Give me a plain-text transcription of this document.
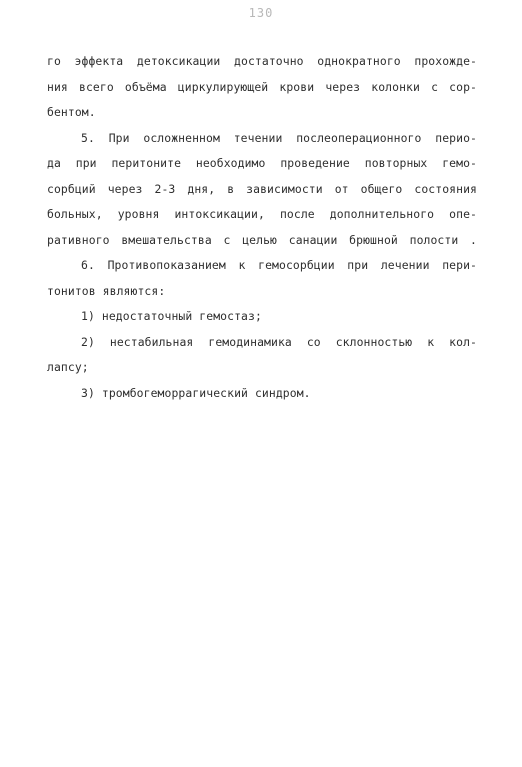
130
го эффекта детоксикации достаточно однократного прохожде-
ния всего объёма циркулирующей крови через колонки с сор-
бентом.
5. При осложненном течении послеоперационного перио-
да при перитоните необходимо проведение повторных гемо-
сорбций через 2-3 дня, в зависимости от общего состояния
больных, уровня интоксикации, после дополнительного опе-
ративного вмешательства с целью санации брюшной полости .
6. Противопоказанием к гемосорбции при лечении пери-
тонитов являются:
1) недостаточный гемостаз;
2) нестабильная гемодинамика со склонностью к кол-
лапсу;
3) тромбогеморрагический синдром.
